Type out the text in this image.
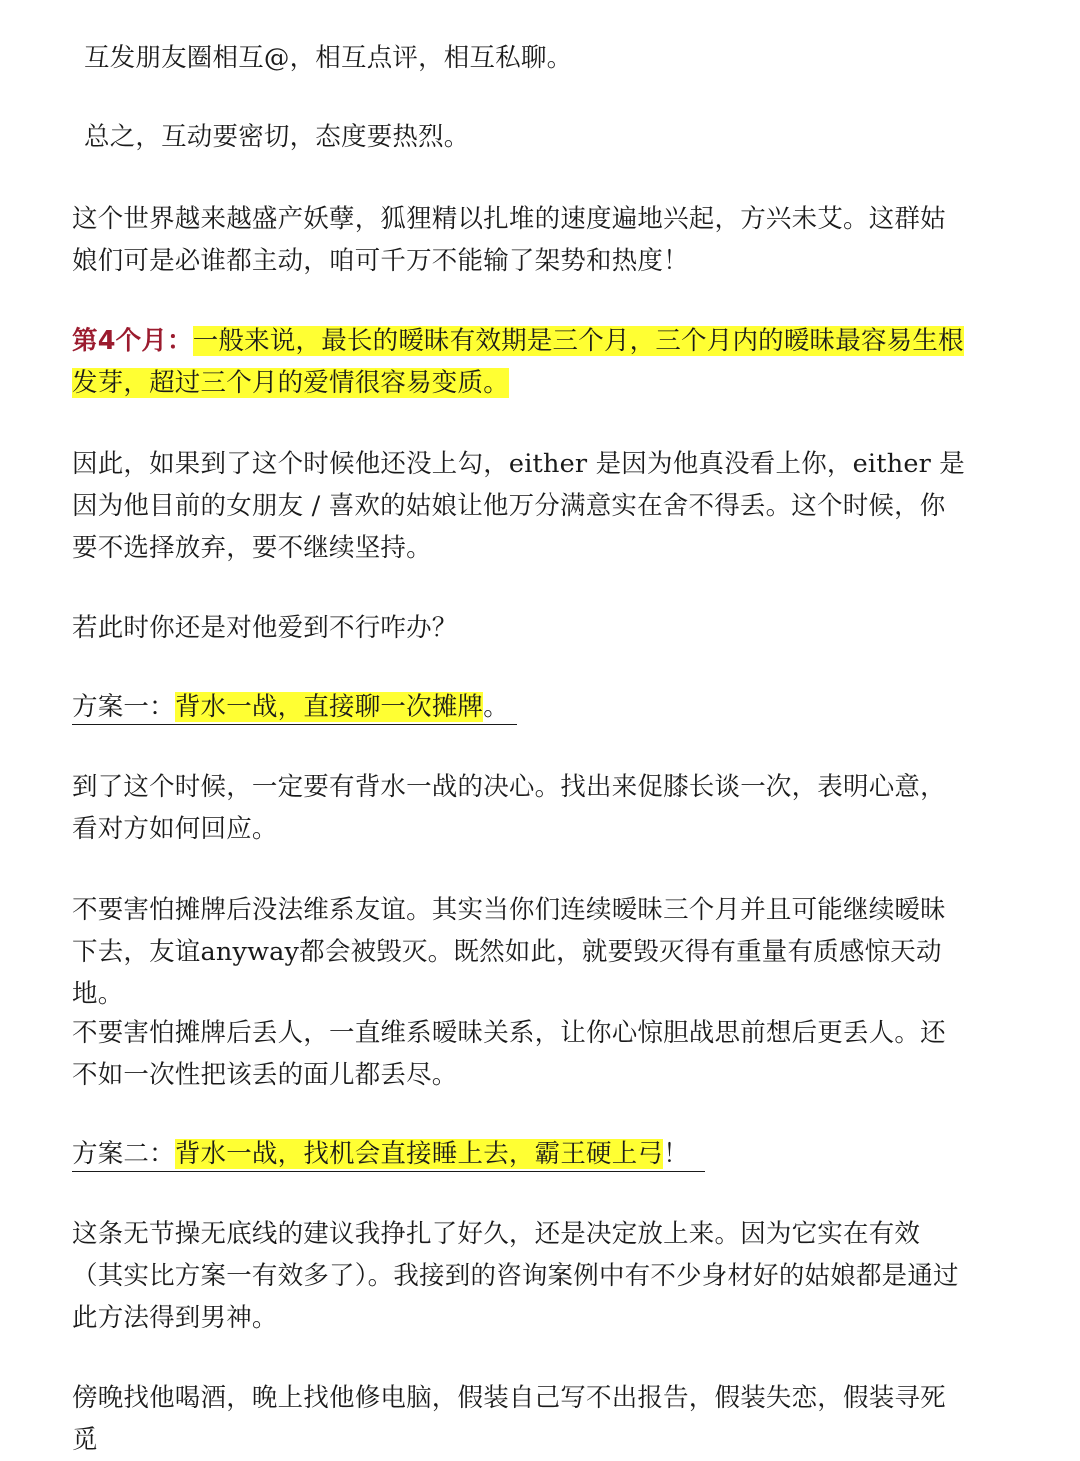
互发朋友圈相互@，相互点评，相互私聊。

总之，互动要密切，态度要热烈。

这个世界越来越盛产妖孽，狐狸精以扎堆的速度遍地兴起，方兴未艾。这群姑娘们可是必谁都主动，咱可千万不能输了架势和热度！

第4个月：一般来说，最长的暧昧有效期是三个月，三个月内的暧昧最容易生根发芽，超过三个月的爱情很容易变质。

因此，如果到了这个时候他还没上勾，either 是因为他真没看上你，either 是因为他目前的女朋友 / 喜欢的姑娘让他万分满意实在舍不得丢。这个时候，你要不选择放弃，要不继续坚持。

若此时你还是对他爱到不行咋办？

方案一：背水一战，直接聊一次摊牌。

到了这个时候，一定要有背水一战的决心。找出来促膝长谈一次，表明心意，看对方如何回应。

不要害怕摊牌后没法维系友谊。其实当你们连续暧昧三个月并且可能继续暧昧下去，友谊anyway都会被毁灭。既然如此，就要毁灭得有重量有质感惊天动地。

不要害怕摊牌后丢人，一直维系暧昧关系，让你心惊胆战思前想后更丢人。还不如一次性把该丢的面儿都丢尽。

方案二：背水一战，找机会直接睡上去，霸王硬上弓！

这条无节操无底线的建议我挣扎了好久，还是决定放上来。因为它实在有效（其实比方案一有效多了）。我接到的咨询案例中有不少身材好的姑娘都是通过此方法得到男神。

傍晚找他喝酒，晚上找他修电脑，假装自己写不出报告，假装失恋，假装寻死觅
